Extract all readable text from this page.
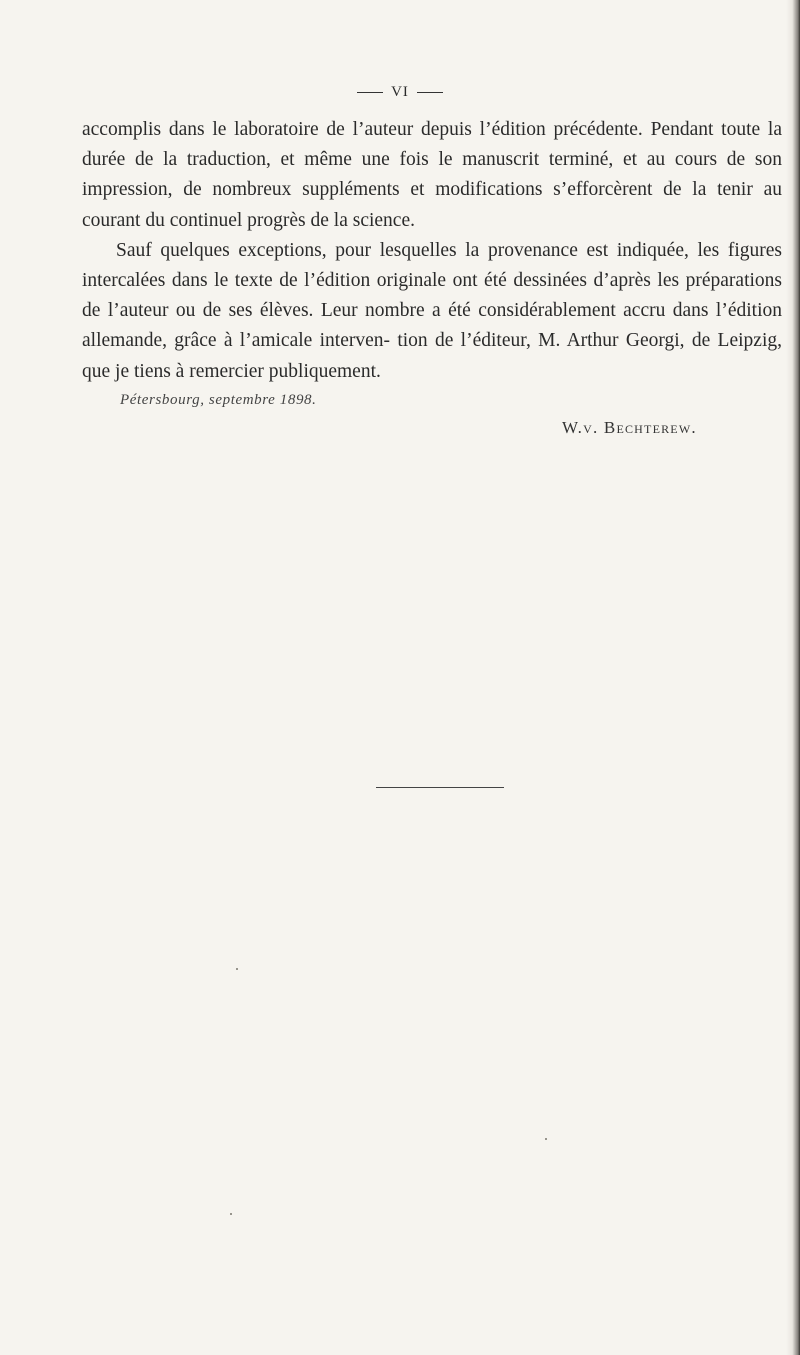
VI

accomplis dans le laboratoire de l’auteur depuis l’édition précédente. Pendant toute la durée de la traduction, et même une fois le manuscrit terminé, et au cours de son impression, de nombreux suppléments et modifications s’efforcèrent de la tenir au courant du continuel progrès de la science.

Sauf quelques exceptions, pour lesquelles la provenance est indiquée, les figures intercalées dans le texte de l’édition originale ont été dessinées d’après les préparations de l’auteur ou de ses élèves. Leur nombre a été considérablement accru dans l’édition allemande, grâce à l’amicale interven- tion de l’éditeur, M. Arthur Georgi, de Leipzig, que je tiens à remercier publiquement.

Pétersbourg, septembre 1898.
W.v. Bechterew.
